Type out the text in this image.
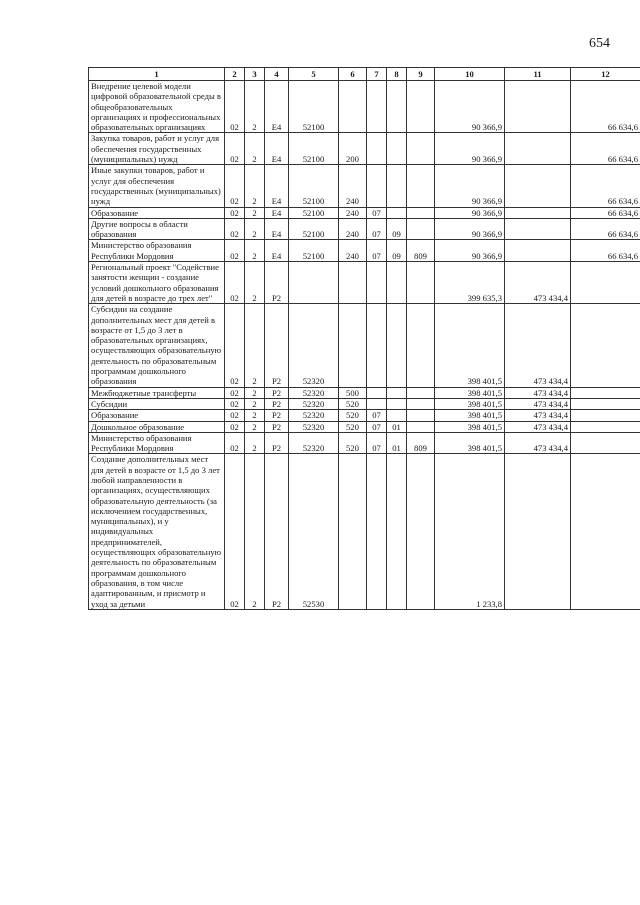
654
1	2	3	4	5	6	7	8	9	10	11	12
Внедрение целевой модели цифровой образовательной среды в общеобразовательных организациях и профессиональных образовательных организациях	02	2	Е4	52100					90 366,9		66 634,6
Закупка товаров, работ и услуг для обеспечения государственных (муниципальных) нужд	02	2	Е4	52100	200				90 366,9		66 634,6
Иные закупки товаров, работ и услуг для обеспечения государственных (муниципальных) нужд	02	2	Е4	52100	240				90 366,9		66 634,6
Образование	02	2	Е4	52100	240	07			90 366,9		66 634,6
Другие вопросы в области образования	02	2	Е4	52100	240	07	09		90 366,9		66 634,6
Министерство образования Республики Мордовия	02	2	Е4	52100	240	07	09	809	90 366,9		66 634,6
Региональный проект "Содействие занятости женщин - создание условий дошкольного образования для детей в возрасте до трех лет"	02	2	Р2						399 635,3	473 434,4	
Субсидии на создание дополнительных мест для детей в возрасте от 1,5 до 3 лет в образовательных организациях, осуществляющих образовательную деятельность по образовательным программам дошкольного образования	02	2	Р2	52320					398 401,5	473 434,4	
Межбюджетные трансферты	02	2	Р2	52320	500				398 401,5	473 434,4	
Субсидии	02	2	Р2	52320	520				398 401,5	473 434,4	
Образование	02	2	Р2	52320	520	07			398 401,5	473 434,4	
Дошкольное образование	02	2	Р2	52320	520	07	01		398 401,5	473 434,4	
Министерство образования Республики Мордовия	02	2	Р2	52320	520	07	01	809	398 401,5	473 434,4	
Создание дополнительных мест для детей в возрасте от 1,5 до 3 лет любой направленности в организациях, осуществляющих образовательную деятельность (за исключением государственных, муниципальных), и у индивидуальных предпринимателей, осуществляющих образовательную деятельность по образовательным программам дошкольного образования, в том числе адаптированным, и присмотр и уход за детьми	02	2	Р2	52530					1 233,8		
